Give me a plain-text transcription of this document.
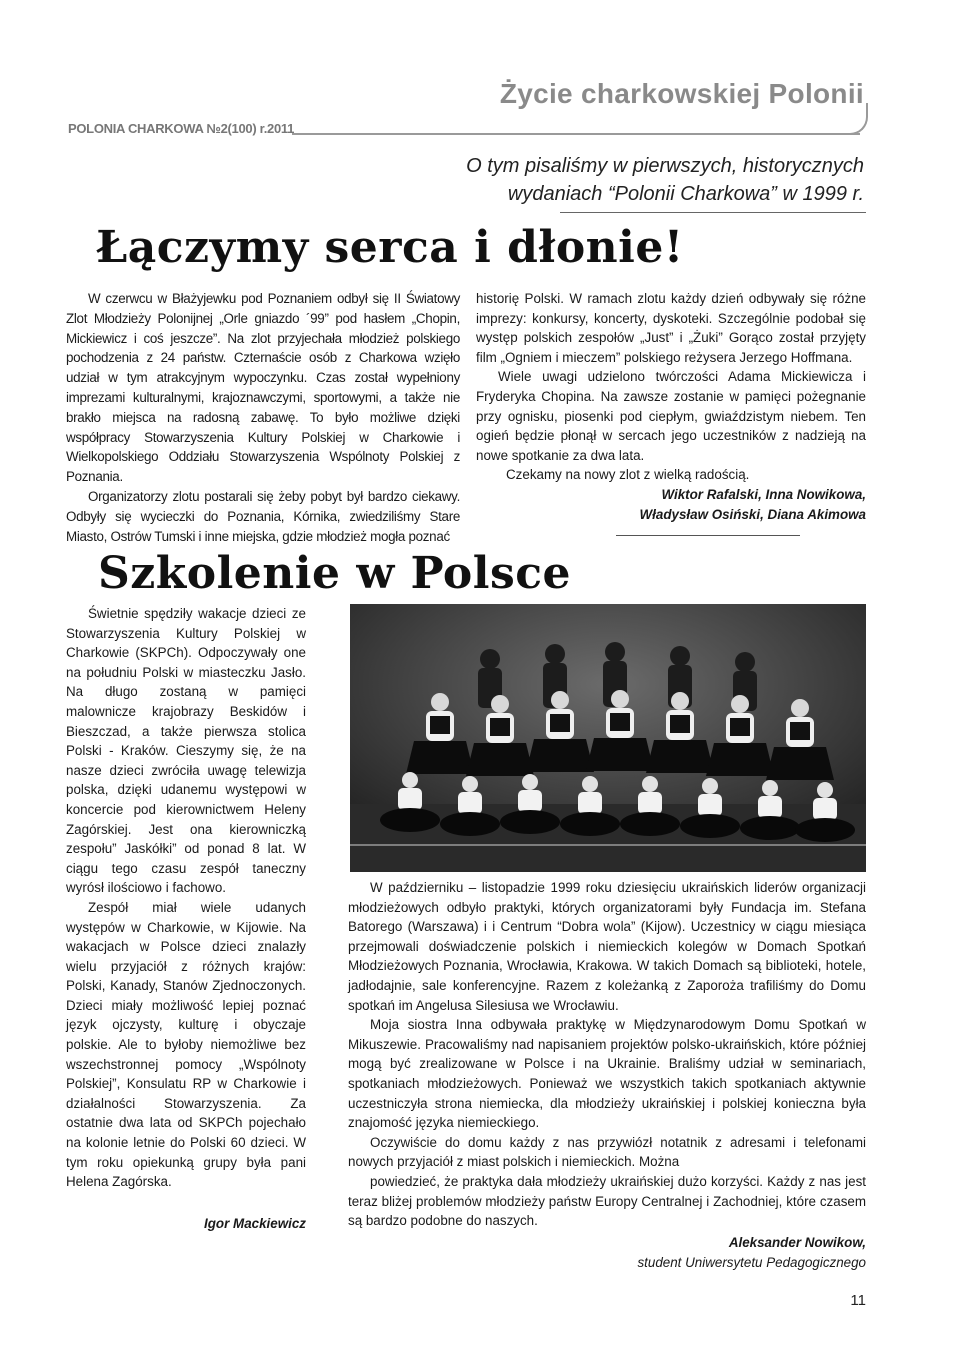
POLONIA CHARKOWA №2(100) r.2011
Życie charkowskiej Polonii
O tym pisaliśmy w pierwszych, historycznych wydaniach “Polonii Charkowa” w 1999 r.
Łączymy serca i dłonie!

W czerwcu w Błażyjewku pod Poznaniem odbył się II Światowy Zlot Młodzieży Polonijnej „Orle gniazdo ´99” pod hasłem „Chopin, Mickiewicz i coś jeszcze”. Na zlot przyjechała młodzież polskiego pochodzenia z 24 państw. Czternaście osób z Charkowa wzięło udział w tym atrakcyjnym wypoczynku. Czas został wypełniony imprezami kulturalnymi, krajoznawczymi, sportowymi, a także nie brakło miejsca na radosną zabawę. To było możliwe dzięki współpracy Stowarzyszenia Kultury Polskiej w Charkowie i Wielkopolskiego Oddziału Stowarzyszenia Wspólnoty Polskiej z Poznania.

Organizatorzy zlotu postarali się żeby pobyt był bardzo ciekawy. Odbyły się wycieczki do Poznania, Kórnika, zwiedziliśmy Stare Miasto, Ostrów Tumski i inne miejska, gdzie młodzież mogła poznać

historię Polski. W ramach zlotu każdy dzień odbywały się różne imprezy: konkursy, koncerty, dyskoteki. Szczególnie podobał się występ polskich zespołów „Just” i „Żuki” Gorąco został przyjęty film „Ogniem i mieczem” polskiego reżysera Jerzego Hoffmana.

Wiele uwagi udzielono twórczości Adama Mickiewicza i Fryderyka Chopina. Na zawsze zostanie w pamięci pożegnanie przy ognisku, piosenki pod ciepłym, gwiaździstym niebem. Ten ogień będzie płonął w sercach jego uczestników z nadzieją na nowe spotkanie za dwa lata.

Czekamy na nowy zlot z wielką radością.

Wiktor Rafalski, Inna Nowikowa,
Władysław Osiński, Diana Akimowa
Szkolenie w Polsce

Świetnie spędziły wakacje dzieci ze Stowarzyszenia Kultury Polskiej w Charkowie (SKPCh). Odpoczywały one na południu Polski w miasteczku Jasło. Na długo zostaną w pamięci malownicze krajobrazy Beskidów i Bieszczad, a także pierwsza stolica Polski - Kraków. Cieszymy się, że na nasze dzieci zwróciła uwagę telewizja polska, dzięki udanemu występowi w koncercie pod kierownictwem Heleny Zagórskiej. Jest ona kierowniczką zespołu” Jaskółki” od ponad 8 lat. W ciągu tego czasu zespół taneczny wyrósł ilościowo i fachowo.

Zespół miał wiele udanych występów w Charkowie, w Kijowie. Na wakacjach w Polsce dzieci znalazły wielu przyjaciół z różnych krajów: Polski, Kanady, Stanów Zjednoczonych. Dzieci miały możliwość lepiej poznać język ojczysty, kulturę i obyczaje polskie. Ale to byłoby niemożliwe bez wszechstronnej pomocy „Wspólnoty Polskiej”, Konsulatu RP w Charkowie i działalności Stowarzyszenia. Za ostatnie dwa lata od SKPCh pojechało na kolonie letnie do Polski 60 dzieci. W tym roku opiekunką grupy była pani Helena Zagórska.

Igor Mackiewicz

W październiku – listopadzie 1999 roku dziesięciu ukraińskich liderów organizacji młodzieżowych odbyło praktyki, których organizatorami były Fundacja im. Stefana Batorego (Warszawa) i i Centrum “Dobra wola” (Kijow). Uczestnicy w ciągu miesiąca przejmowali doświadczenie polskich i niemieckich kolegów w Domach Spotkań Młodzieżowych Poznania, Wrocławia, Krakowa. W takich Domach są biblioteki, hotele, jadłodajnie, sale konferencyjne. Razem z koleżanką z Zaporoża trafiliśmy do Domu spotkań im Angelusa Silesiusa we Wrocławiu.

Moja siostra Inna odbywała praktykę w Międzynarodowym Domu Spotkań w Mikuszewie. Pracowaliśmy nad napisaniem projektów polsko-ukraińskich, które później mogą być zrealizowane w Polsce i na Ukrainie. Braliśmy udział w seminariach, spotkaniach młodzieżowych. Ponieważ we wszystkich takich spotkaniach aktywnie uczestniczyła strona niemiecka, dla młodzieży ukraińskiej i polskiej konieczna była znajomość języka niemieckiego.

Oczywiście do domu każdy z nas przywiózł notatnik z adresami i telefonami nowych przyjaciół z miast polskich i niemieckich. Można

powiedzieć, że praktyka dała młodzieży ukraińskiej dużo korzyści. Każdy z nas jest teraz bliżej problemów młodzieży państw Europy Centralnej i Zachodniej, które czasem są bardzo podobne do naszych.

Aleksander Nowikow,
student Uniwersytetu Pedagogicznego
11
